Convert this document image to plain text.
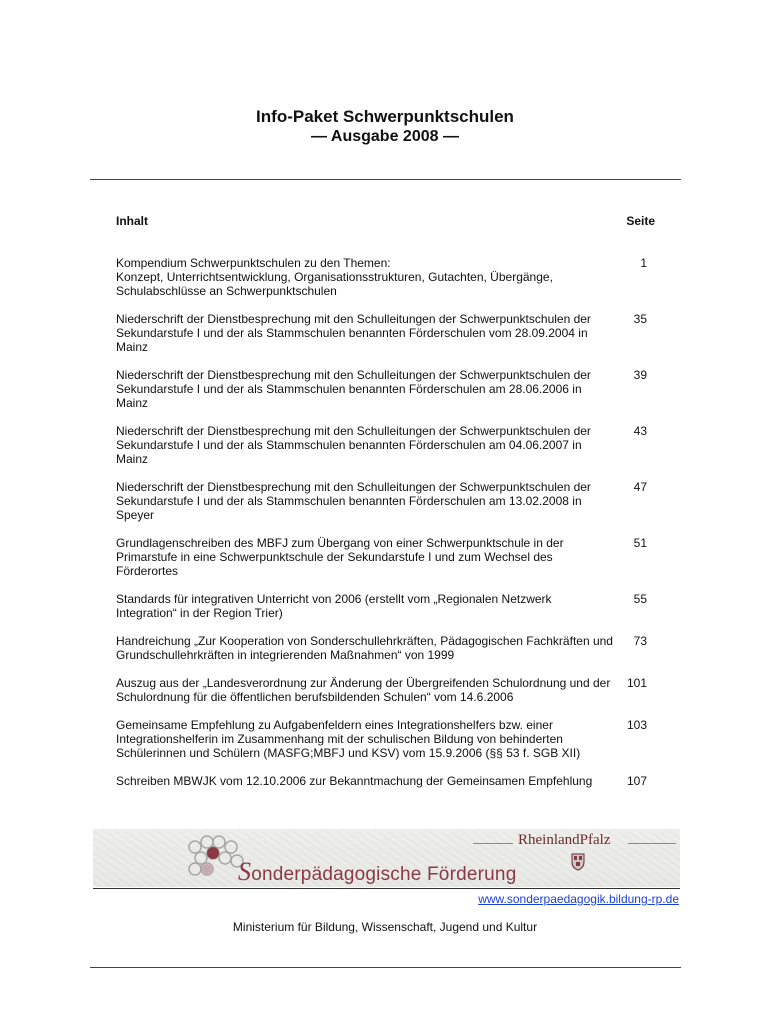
Info-Paket Schwerpunktschulen
— Ausgabe 2008 —
Inhalt	Seite
Kompendium Schwerpunktschulen zu den Themen:
Konzept, Unterrichtsentwicklung, Organisationsstrukturen, Gutachten, Übergänge,
Schulabschlüsse an Schwerpunktschulen
1
Niederschrift der Dienstbesprechung mit den Schulleitungen der Schwerpunktschulen der Sekundarstufe I und der als Stammschulen benannten Förderschulen vom 28.09.2004 in Mainz
35
Niederschrift der Dienstbesprechung mit den Schulleitungen der Schwerpunktschulen der Sekundarstufe I und der als Stammschulen benannten Förderschulen am 28.06.2006 in Mainz
39
Niederschrift der Dienstbesprechung mit den Schulleitungen der Schwerpunktschulen der Sekundarstufe I und der als Stammschulen benannten Förderschulen am 04.06.2007 in Mainz
43
Niederschrift der Dienstbesprechung mit den Schulleitungen der Schwerpunktschulen der Sekundarstufe I und der als Stammschulen benannten Förderschulen am 13.02.2008 in Speyer
47
Grundlagenschreiben des MBFJ zum Übergang von einer Schwerpunktschule in der Primarstufe in eine Schwerpunktschule der Sekundarstufe I und zum Wechsel des Förderortes
51
Standards für integrativen Unterricht von 2006 (erstellt vom „Regionalen Netzwerk Integration“ in der Region Trier)
55
Handreichung „Zur Kooperation von Sonderschullehrkräften, Pädagogischen Fachkräften und Grundschullehrkräften in integrierenden Maßnahmen“ von 1999
73
Auszug aus der „Landesverordnung zur Änderung der Übergreifenden Schulordnung und der Schulordnung für die öffentlichen berufsbildenden Schulen“ vom 14.6.2006
101
Gemeinsame Empfehlung zu Aufgabenfeldern eines Integrationshelfers bzw. einer Integrationshelferin im Zusammenhang mit der schulischen Bildung von behinderten Schülerinnen und Schülern (MASFG;MBFJ und KSV) vom 15.9.2006 (§§ 53 f. SGB XII)
103
Schreiben MBWJK vom 12.10.2006 zur Bekanntmachung der Gemeinsamen Empfehlung	107
Sonderpädagogische Förderung
RheinlandPfalz
www.sonderpaedagogik.bildung-rp.de
Ministerium für Bildung, Wissenschaft, Jugend und Kultur
